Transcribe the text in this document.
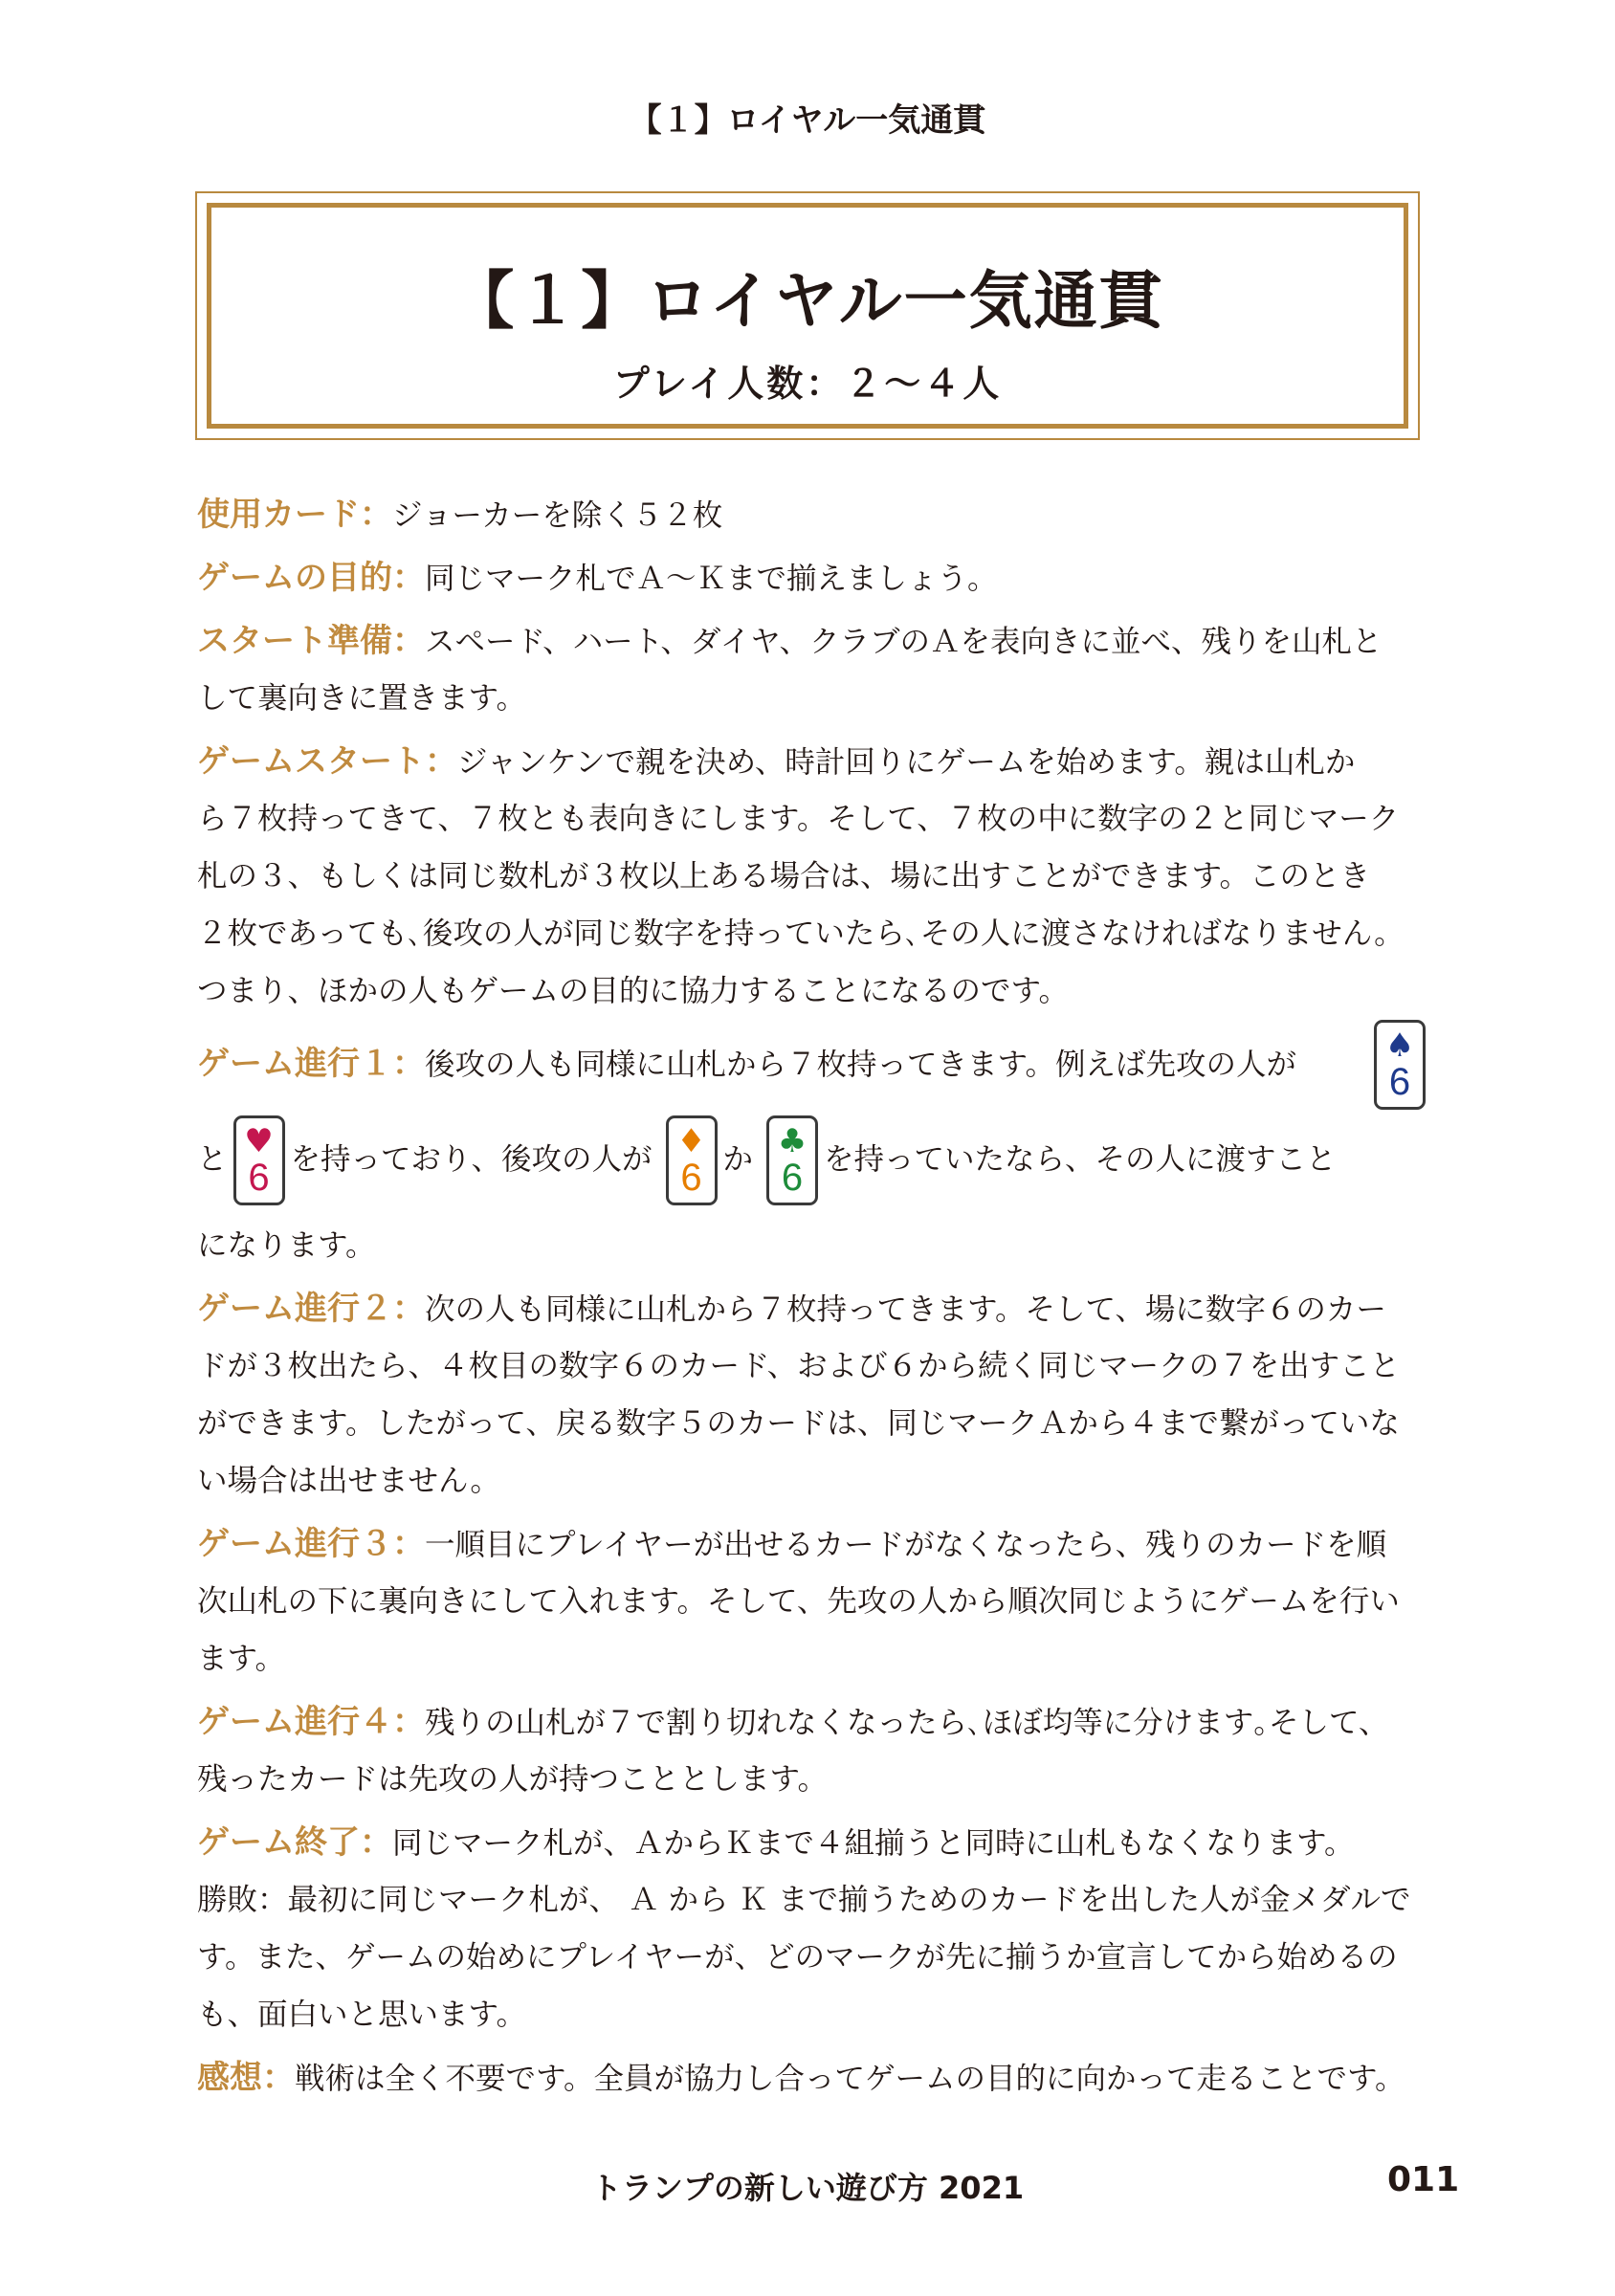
【１】ロイヤル一気通貫
【１】ロイヤル一気通貫
プレイ人数：２〜４人
使用カード：ジョーカーを除く５２枚
ゲームの目的：同じマーク札でＡ〜Ｋまで揃えましょう。
スタート準備：スペード、ハート、ダイヤ、クラブのＡを表向きに並べ、残りを山札と
して裏向きに置きます。
ゲームスタート：ジャンケンで親を決め、時計回りにゲームを始めます。親は山札か
ら７枚持ってきて、７枚とも表向きにします。そして、７枚の中に数字の２と同じマーク
札の３、もしくは同じ数札が３枚以上ある場合は、場に出すことができます。このとき
２枚であっても､後攻の人が同じ数字を持っていたら､その人に渡さなければなりません。
つまり、ほかの人もゲームの目的に協力することになるのです。
ゲーム進行１：後攻の人も同様に山札から７枚持ってきます。例えば先攻の人が	♠
6
と ♥
6 を持っており、後攻の人が ♦
6 か ♣
6 を持っていたなら、その人に渡すこと
になります。
ゲーム進行２：次の人も同様に山札から７枚持ってきます。そして、場に数字６のカー
ドが３枚出たら、４枚目の数字６のカード、および６から続く同じマークの７を出すこと
ができます。したがって、戻る数字５のカードは、同じマークＡから４まで繋がっていな
い場合は出せません。
ゲーム進行３：一順目にプレイヤーが出せるカードがなくなったら、残りのカードを順
次山札の下に裏向きにして入れます。そして、先攻の人から順次同じようにゲームを行い
ます。
ゲーム進行４：残りの山札が７で割り切れなくなったら､ほぼ均等に分けます｡そして、
残ったカードは先攻の人が持つこととします。
ゲーム終了：同じマーク札が、ＡからＫまで４組揃うと同時に山札もなくなります。
勝敗：最初に同じマーク札が、 Ａ から Ｋ まで揃うためのカードを出した人が金メダルで
す。また、ゲームの始めにプレイヤーが、どのマークが先に揃うか宣言してから始めるの
も、面白いと思います。
感想：戦術は全く不要です。全員が協力し合ってゲームの目的に向かって走ることです。
トランプの新しい遊び方 2021	011
